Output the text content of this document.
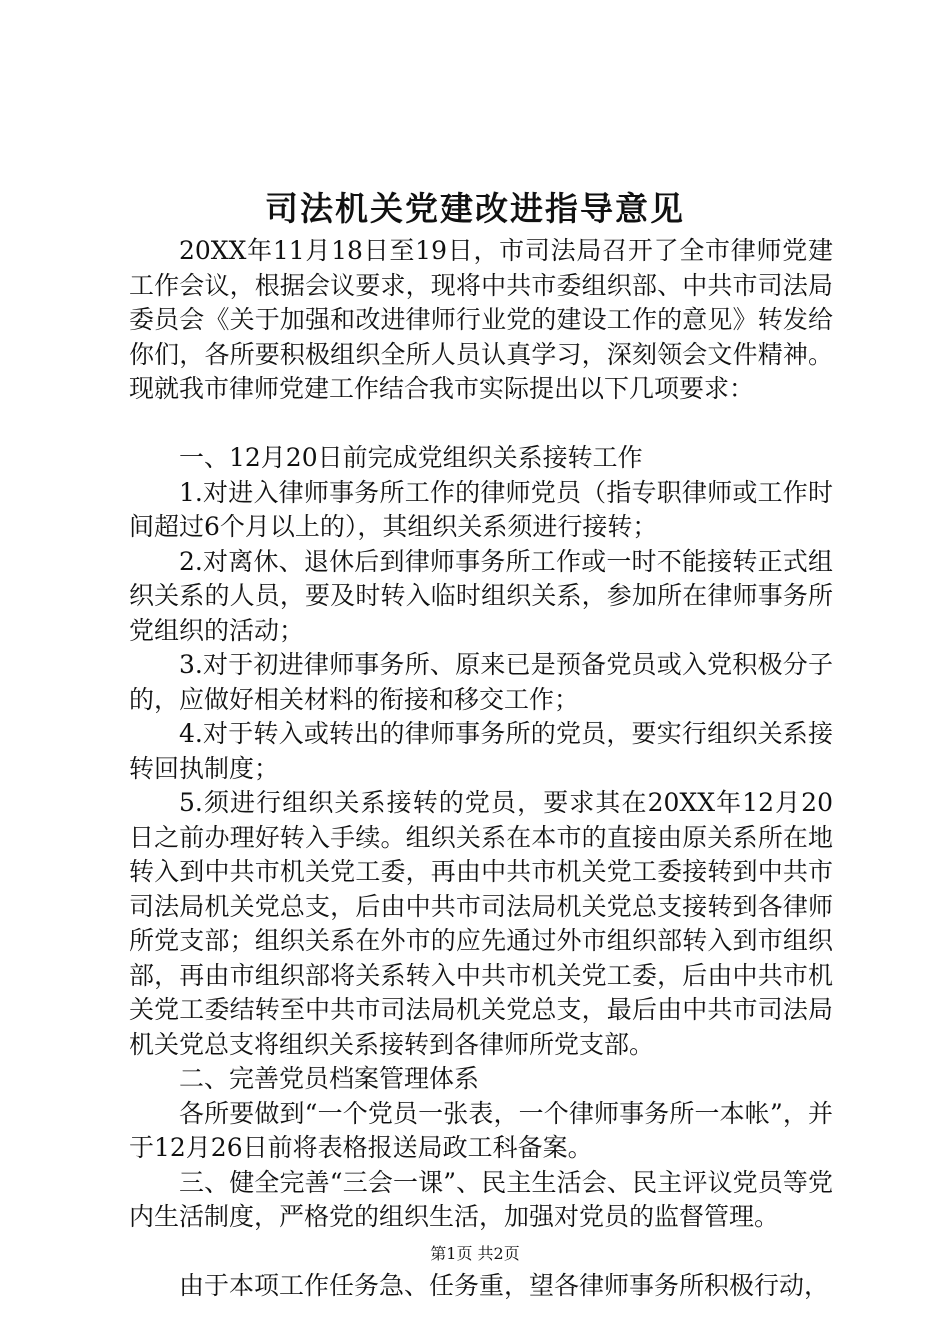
司法机关党建改进指导意见

20XX年11月18日至19日，市司法局召开了全市律师党建工作会议，根据会议要求，现将中共市委组织部、中共市司法局委员会《关于加强和改进律师行业党的建设工作的意见》转发给你们，各所要积极组织全所人员认真学习，深刻领会文件精神。现就我市律师党建工作结合我市实际提出以下几项要求：

一、12月20日前完成党组织关系接转工作

1.对进入律师事务所工作的律师党员（指专职律师或工作时间超过6个月以上的），其组织关系须进行接转；

2.对离休、退休后到律师事务所工作或一时不能接转正式组织关系的人员，要及时转入临时组织关系，参加所在律师事务所党组织的活动；

3.对于初进律师事务所、原来已是预备党员或入党积极分子的，应做好相关材料的衔接和移交工作；

4.对于转入或转出的律师事务所的党员，要实行组织关系接转回执制度；

5.须进行组织关系接转的党员，要求其在20XX年12月20日之前办理好转入手续。组织关系在本市的直接由原关系所在地转入到中共市机关党工委，再由中共市机关党工委接转到中共市司法局机关党总支，后由中共市司法局机关党总支接转到各律师所党支部；组织关系在外市的应先通过外市组织部转入到市组织部，再由市组织部将关系转入中共市机关党工委，后由中共市机关党工委结转至中共市司法局机关党总支，最后由中共市司法局机关党总支将组织关系接转到各律师所党支部。

二、完善党员档案管理体系

各所要做到“一个党员一张表，一个律师事务所一本帐”，并于12月26日前将表格报送局政工科备案。

三、健全完善“三会一课”、民主生活会、民主评议党员等党内生活制度，严格党的组织生活，加强对党员的监督管理。

由于本项工作任务急、任务重，望各律师事务所积极行动，

第1页 共2页
